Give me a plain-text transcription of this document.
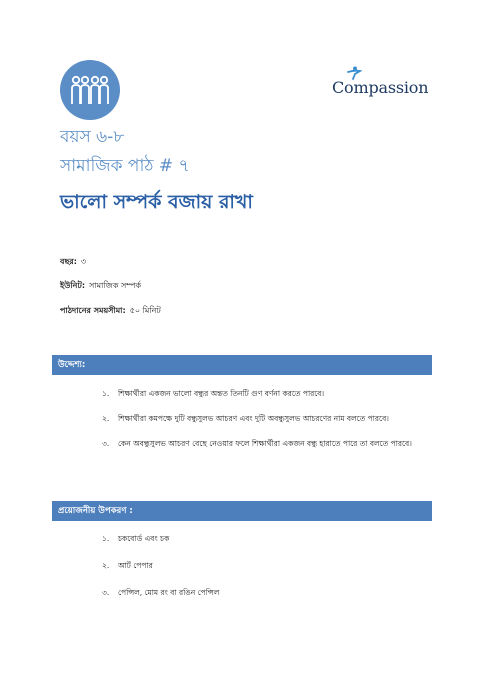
Compassion
বয়স ৬-৮
সামাজিক পাঠ # ৭
ভালো সম্পর্ক বজায় রাখা
বছর: ৩
ইউনিট: সামাজিক সম্পর্ক
পাঠদানের সময়সীমা: ৫০ মিনিট
উদ্দেশ্য:
১.	শিক্ষার্থীরা একজন ভালো বন্ধুর অন্তত তিনটি গুণ বর্ণনা করতে পারবে।
২.	শিক্ষার্থীরা কমপক্ষে দুটি বন্ধুসুলভ আচরণ এবং দুটি অবন্ধুসুলভ আচরণের নাম বলতে পারবে।
৩.	কেন অবন্ধুসুলভ আচরণ বেছে নেওয়ার ফলে শিক্ষার্থীরা একজন বন্ধু হারাতে পারে তা বলতে পারবে।
প্রয়োজনীয় উপকরণ :
১.	চকবোর্ড এবং চক
২.	আর্ট পেপার
৩.	পেন্সিল, মোম রং বা রঙিন পেন্সিল
